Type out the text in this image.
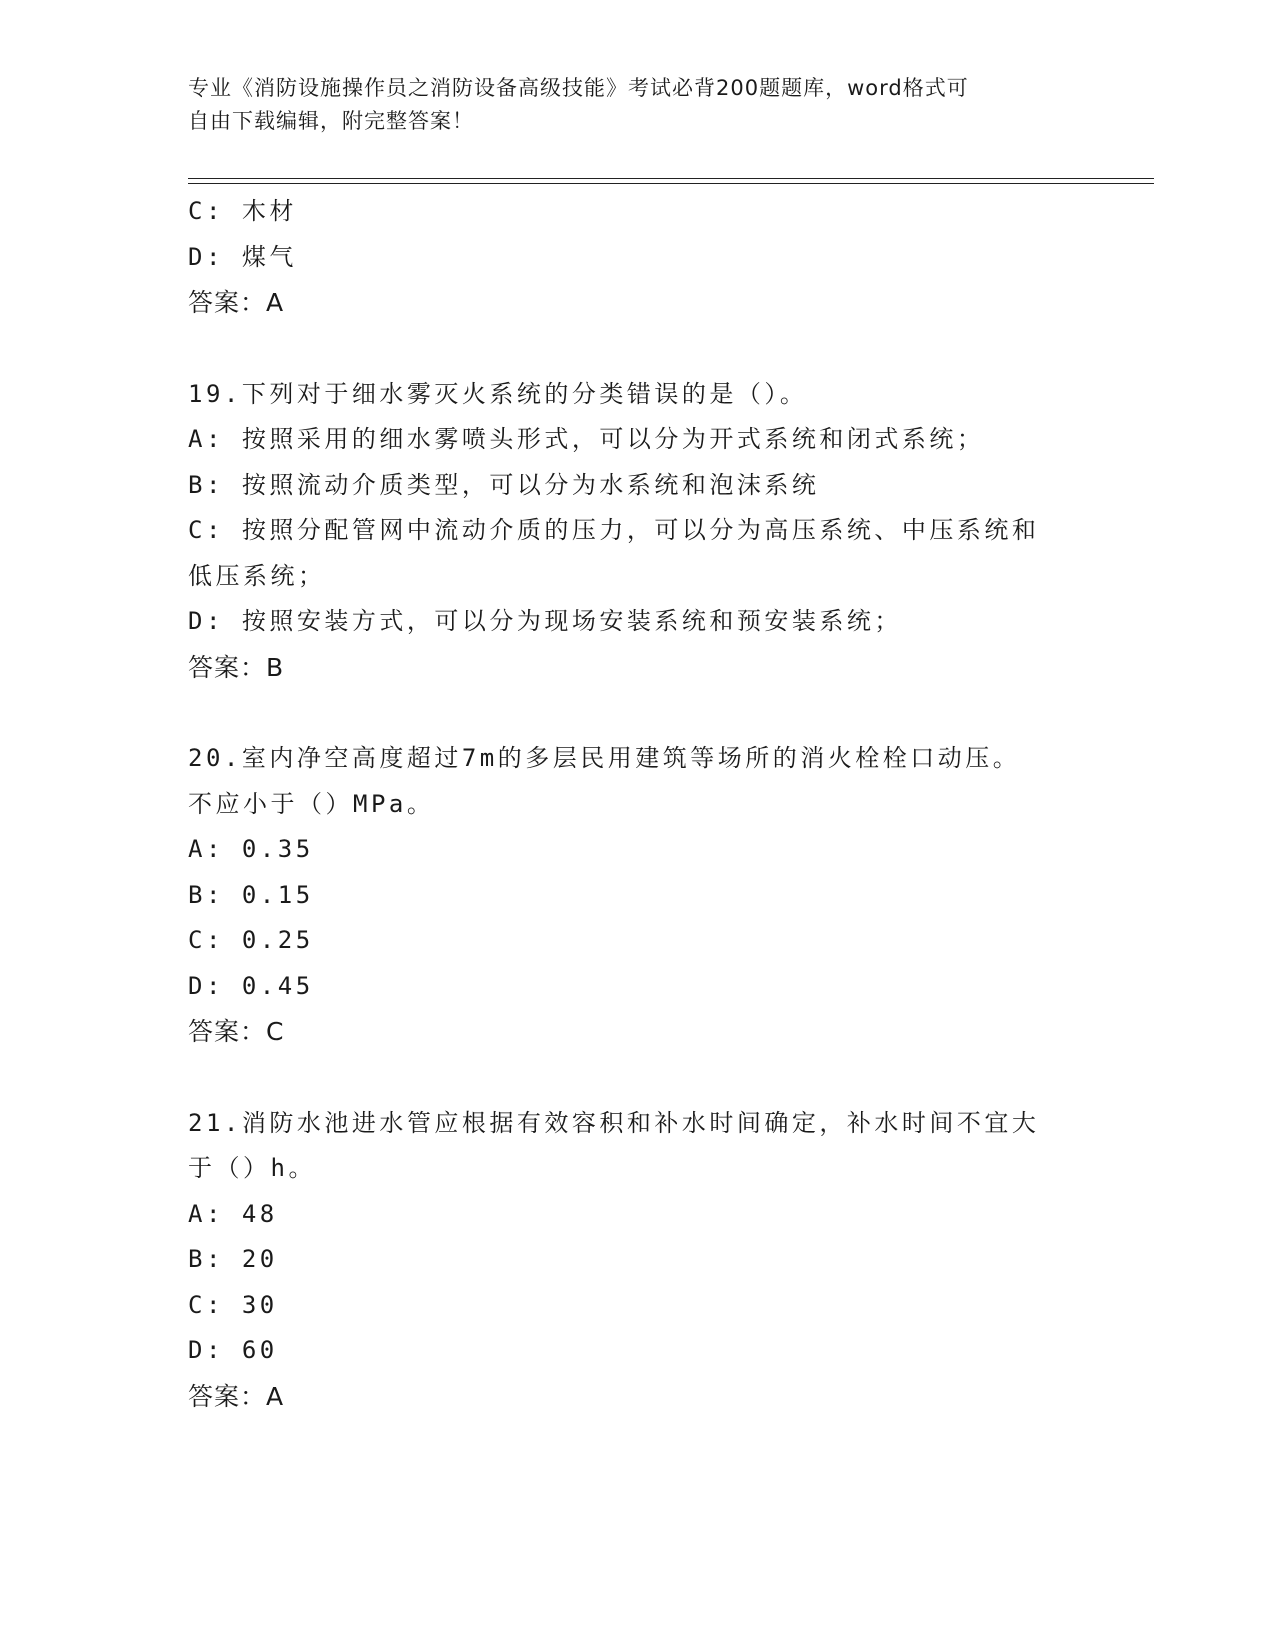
专业《消防设施操作员之消防设备高级技能》考试必背200题题库，word格式可
自由下载编辑，附完整答案！

C: 木材

D: 煤气

答案：A

19.下列对于细水雾灭火系统的分类错误的是（）。

A: 按照采用的细水雾喷头形式，可以分为开式系统和闭式系统；

B: 按照流动介质类型，可以分为水系统和泡沫系统

C: 按照分配管网中流动介质的压力，可以分为高压系统、中压系统和

低压系统；

D: 按照安装方式，可以分为现场安装系统和预安装系统；

答案：B

20.室内净空高度超过7m的多层民用建筑等场所的消火栓栓口动压。

不应小于（）MPa。

A: 0.35

B: 0.15

C: 0.25

D: 0.45

答案：C

21.消防水池进水管应根据有效容积和补水时间确定，补水时间不宜大

于（）h。

A: 48

B: 20

C: 30

D: 60

答案：A
